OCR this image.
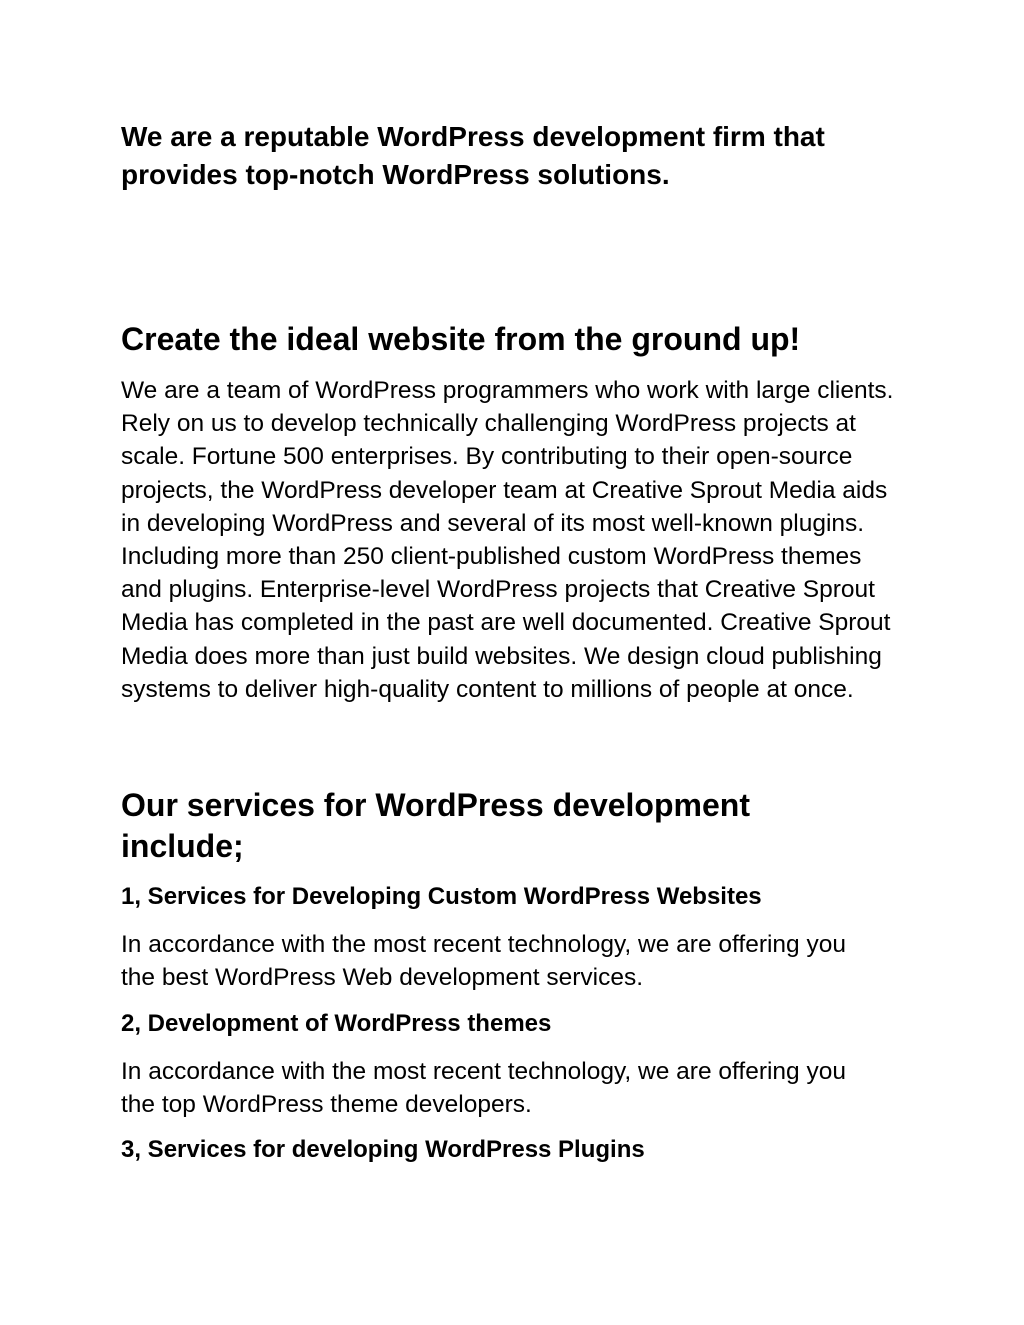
We are a reputable WordPress development firm that provides top-notch WordPress solutions.

Create the ideal website from the ground up!

We are a team of WordPress programmers who work with large clients. Rely on us to develop technically challenging WordPress projects at scale. Fortune 500 enterprises. By contributing to their open-source projects, the WordPress developer team at Creative Sprout Media aids in developing WordPress and several of its most well-known plugins. Including more than 250 client-published custom WordPress themes and plugins. Enterprise-level WordPress projects that Creative Sprout Media has completed in the past are well documented. Creative Sprout Media does more than just build websites. We design cloud publishing systems to deliver high-quality content to millions of people at once.

Our services for WordPress development include;
1, Services for Developing Custom WordPress Websites

In accordance with the most recent technology, we are offering you the best WordPress Web development services.

2, Development of WordPress themes

In accordance with the most recent technology, we are offering you the top WordPress theme developers.

3, Services for developing WordPress Plugins
